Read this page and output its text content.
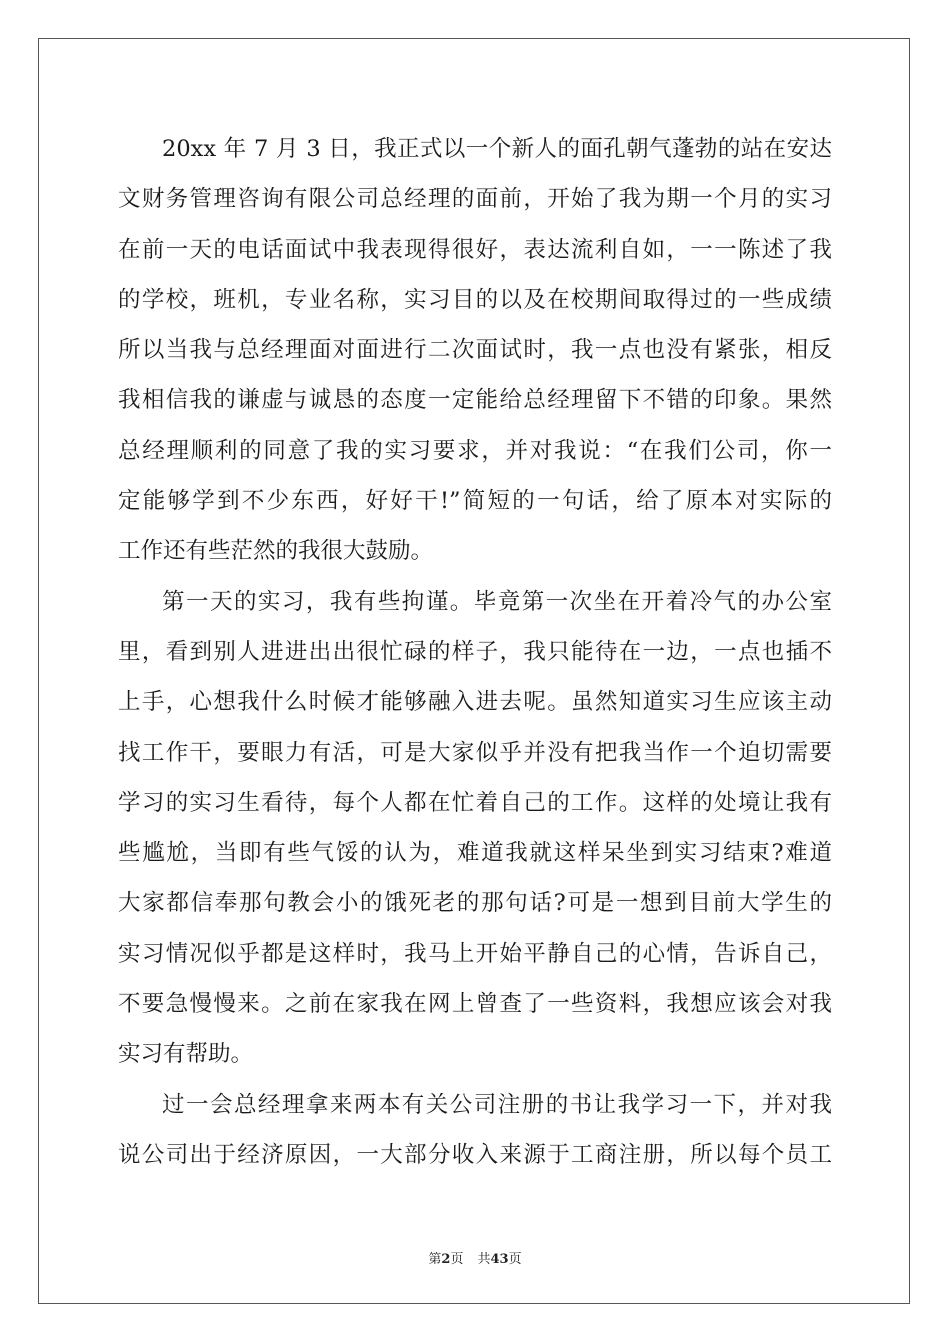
20xx 年 7 月 3 日，我正式以一个新人的面孔朝气蓬勃的站在安达
文财务管理咨询有限公司总经理的面前，开始了我为期一个月的实习
在前一天的电话面试中我表现得很好，表达流利自如，一一陈述了我
的学校，班机，专业名称，实习目的以及在校期间取得过的一些成绩
所以当我与总经理面对面进行二次面试时，我一点也没有紧张，相反
我相信我的谦虚与诚恳的态度一定能给总经理留下不错的印象。果然
总经理顺利的同意了我的实习要求，并对我说：“在我们公司，你一
定能够学到不少东西，好好干!”简短的一句话，给了原本对实际的
工作还有些茫然的我很大鼓励。
第一天的实习，我有些拘谨。毕竟第一次坐在开着冷气的办公室
里，看到别人进进出出很忙碌的样子，我只能待在一边，一点也插不
上手，心想我什么时候才能够融入进去呢。虽然知道实习生应该主动
找工作干，要眼力有活，可是大家似乎并没有把我当作一个迫切需要
学习的实习生看待，每个人都在忙着自己的工作。这样的处境让我有
些尴尬，当即有些气馁的认为，难道我就这样呆坐到实习结束?难道
大家都信奉那句教会小的饿死老的那句话?可是一想到目前大学生的
实习情况似乎都是这样时，我马上开始平静自己的心情，告诉自己，
不要急慢慢来。之前在家我在网上曾查了一些资料，我想应该会对我
实习有帮助。
过一会总经理拿来两本有关公司注册的书让我学习一下，并对我
说公司出于经济原因，一大部分收入来源于工商注册，所以每个员工
第2页 共43页
